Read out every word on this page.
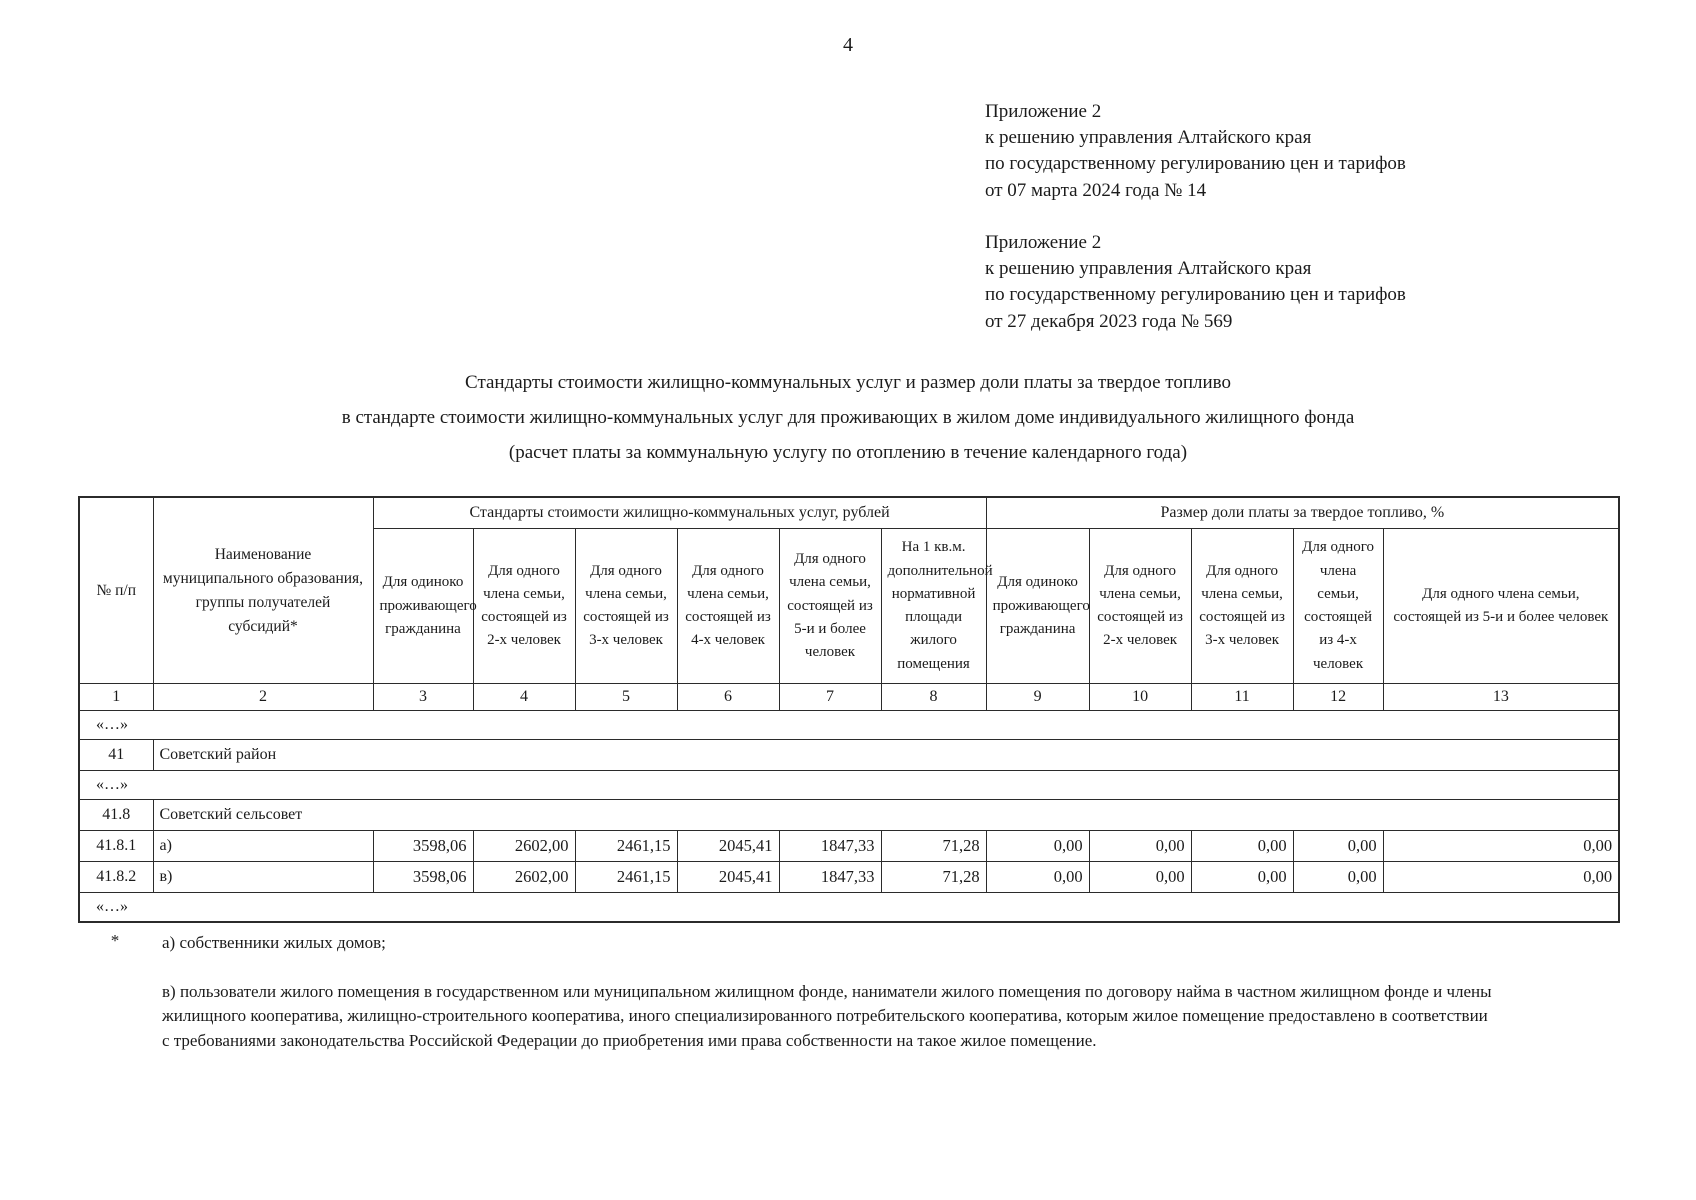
4
Приложение 2
к решению управления Алтайского края
по государственному регулированию цен и тарифов
от 07 марта 2024 года № 14
Приложение 2
к решению управления Алтайского края
по государственному регулированию цен и тарифов
от 27 декабря 2023 года № 569
Стандарты стоимости жилищно-коммунальных услуг и размер доли платы за твердое топливо
в стандарте стоимости жилищно-коммунальных услуг для проживающих в жилом доме индивидуального жилищного фонда
(расчет платы за коммунальную услугу по отоплению в течение календарного года)
№ п/п	Наименование муниципального образования, группы получателей субсидий*	Стандарты стоимости жилищно-коммунальных услуг, рублей						Размер доли платы за твердое топливо, %				
		Для одиноко проживающего гражданина	Для одного члена семьи, состоящей из 2-х человек	Для одного члена семьи, состоящей из 3-х человек	Для одного члена семьи, состоящей из 4-х человек	Для одного члена семьи, состоящей из 5-и и более человек	На 1 кв.м. дополнительной нормативной площади жилого помещения	Для одиноко проживающего гражданина	Для одного члена семьи, состоящей из 2-х человек	Для одного члена семьи, состоящей из 3-х человек	Для одного члена семьи, состоящей из 4-х человек	Для одного члена семьи, состоящей из 5-и и более человек
1	2	3	4	5	6	7	8	9	10	11	12	13
«…»												
41	Советский район											
«…»												
41.8	Советский сельсовет											
41.8.1	а)	3598,06	2602,00	2461,15	2045,41	1847,33	71,28	0,00	0,00	0,00	0,00	0,00
41.8.2	в)	3598,06	2602,00	2461,15	2045,41	1847,33	71,28	0,00	0,00	0,00	0,00	0,00
«…»												
*	а) собственники жилых домов;
в) пользователи жилого помещения в государственном или муниципальном жилищном фонде, наниматели жилого помещения по договору найма в частном жилищном фонде и члены жилищного кооператива, жилищно-строительного кооператива, иного специализированного потребительского кооператива, которым жилое помещение предоставлено в соответствии с требованиями законодательства Российской Федерации до приобретения ими права собственности на такое жилое помещение.
